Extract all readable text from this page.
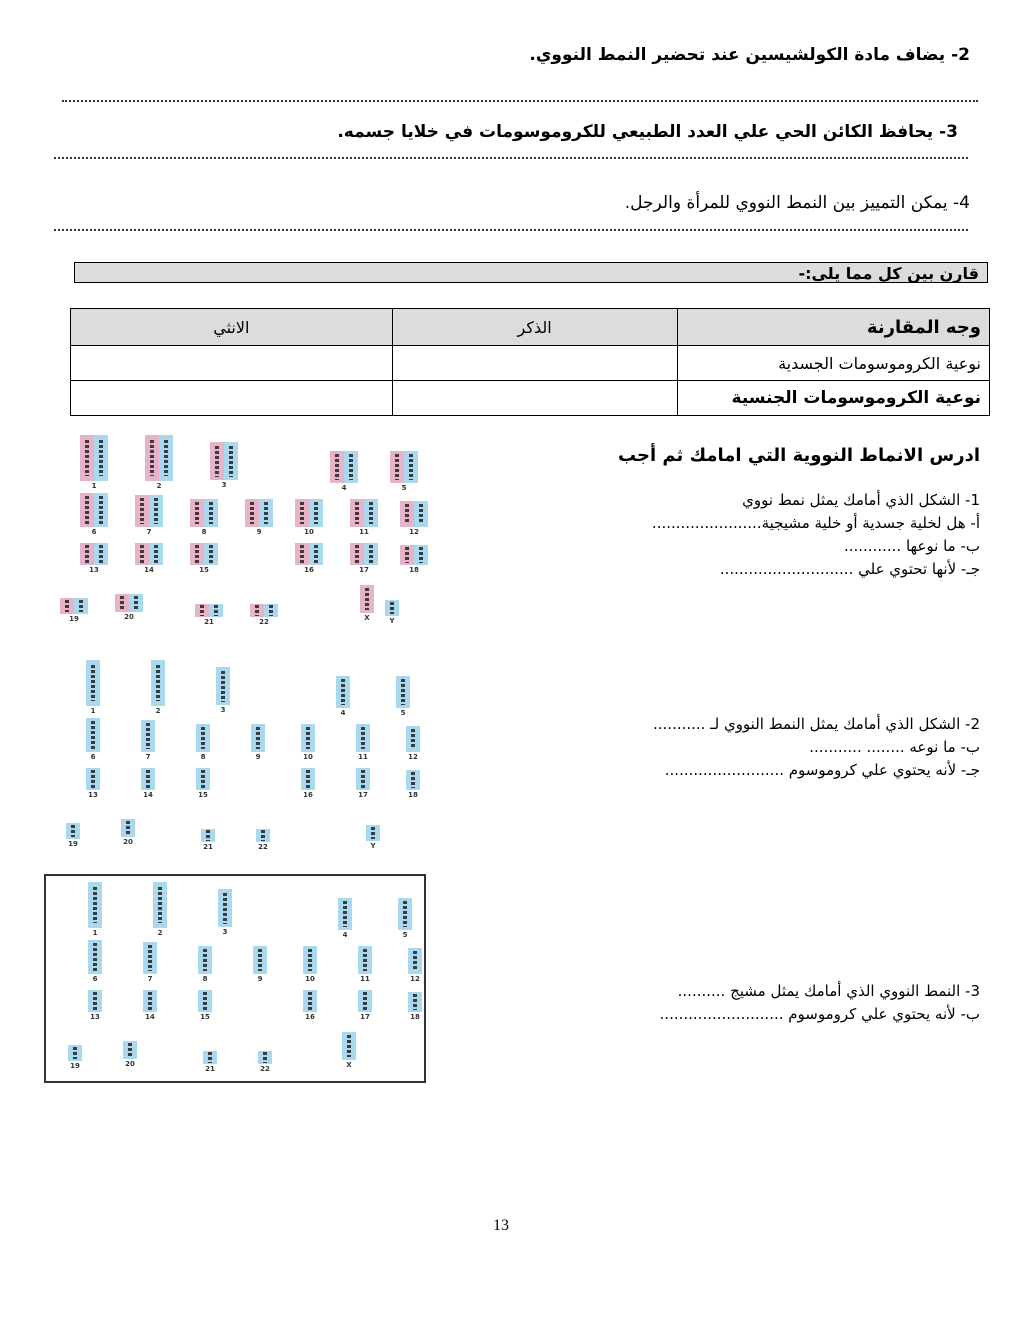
2- يضاف مادة الكولشيسين عند تحضير النمط النووي.
3- يحافظ الكائن الحي علي العدد الطبيعي للكروموسومات في خلايا جسمه.
4- يمكن التمييز بين النمط النووي للمرأة والرجل.
قارن بين كل مما يلي:-
وجه المقارنة	الذكر	الانثي
نوعية الكروموسومات الجسدية		
نوعية الكروموسومات الجنسية		
ادرس الانماط النووية التي امامك ثم أجب
1- الشكل الذي أمامك يمثل نمط نووي
أ- هل لخلية جسدية أو خلية مشيجية.......................
ب- ما نوعها ............
جـ- لأنها تحتوي علي ............................
2- الشكل الذي أمامك يمثل النمط النووي لـ ...........
ب- ما نوعه ........ ...........
جـ- لأنه يحتوي علي كروموسوم .........................
3- النمط النووي الذي أمامك يمثل مشيج ..........
ب- لأنه يحتوي علي كروموسوم ..........................
1	2	3	4	5
6	7	8	9	10	11	12
13	14	15	16	17	18
19	20
21	22	X	Y
1	2	3	4	5
6	7	8	9	10	11	12
13	14	15	16	17	18
19	20
21	22	Y
1	2	3	4	5
6	7	8	9	10	11	12
13	14	15	16	17	18
19	20
21	22	X
13
